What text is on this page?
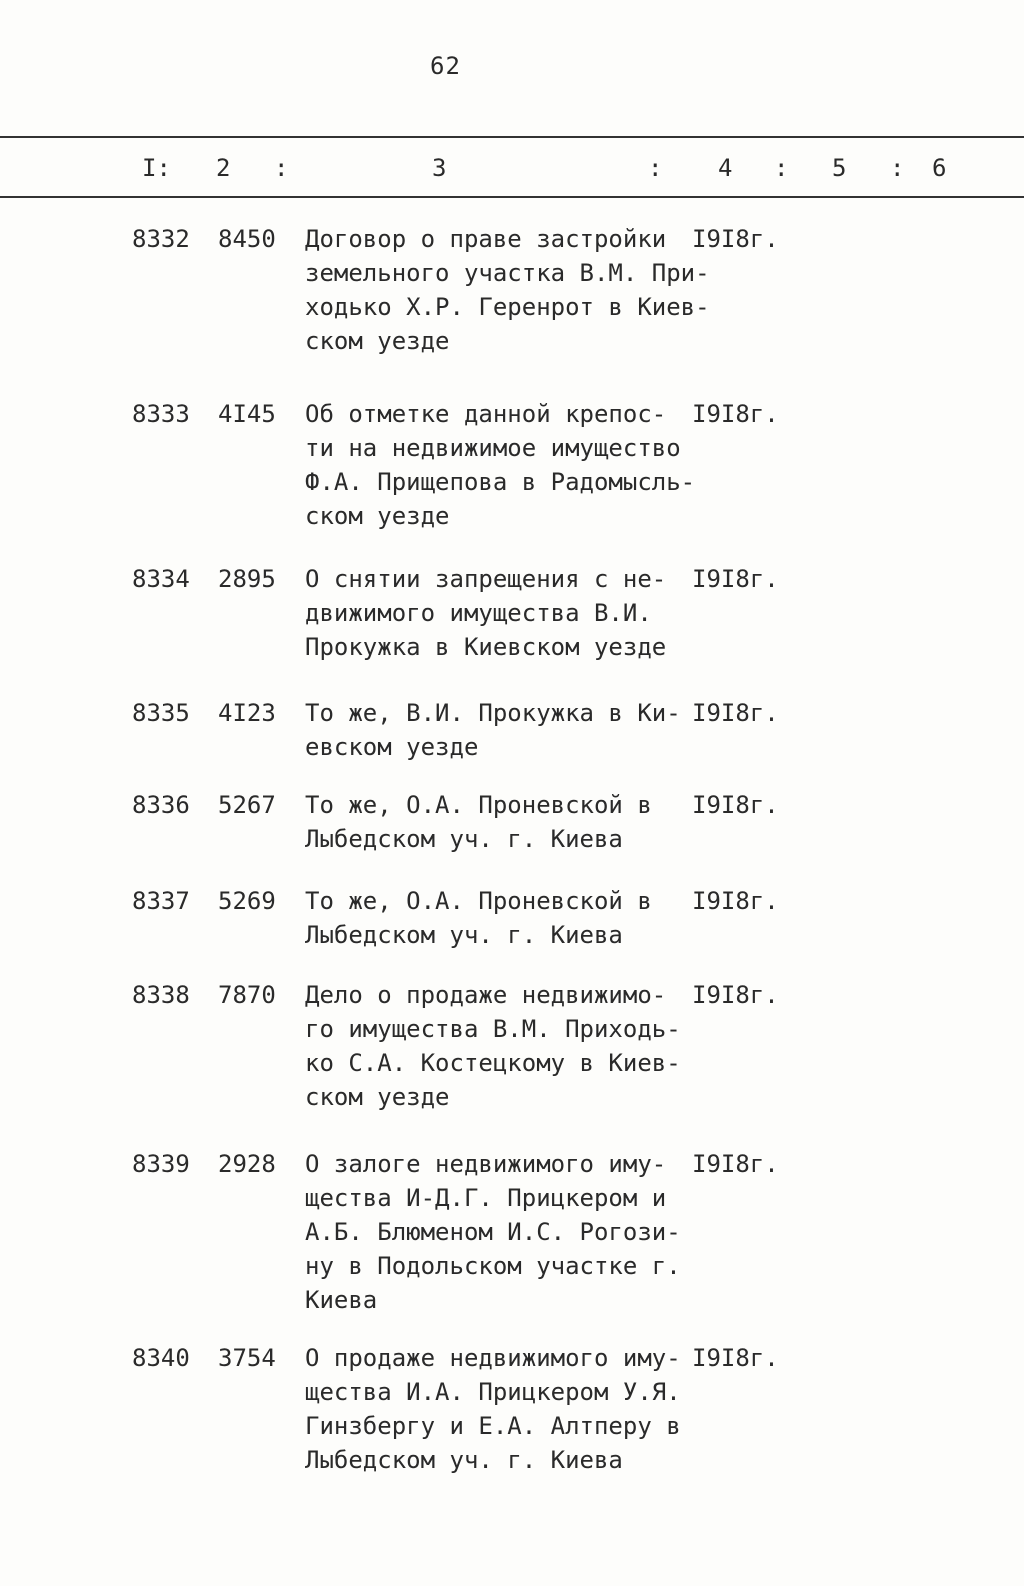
62
I: 2 :	3	: 4 : 5 : 6
8332 8450 Договор о праве застройки
земельного участка В.М. При-
ходько Х.Р. Геренрот в Киев-
ском уезде
I9I8г.
8333 4I45 Об отметке данной крепос-
ти на недвижимое имущество
Ф.А. Прищепова в Радомысль-
ском уезде
I9I8г.
8334 2895 О снятии запрещения с не-
движимого имущества В.И.
Прокужка в Киевском уезде
I9I8г.
8335 4I23 То же, В.И. Прокужка в Ки-
евском уезде
I9I8г.
8336 5267 То же, О.А. Проневской в
Лыбедском уч. г. Киева
I9I8г.
8337 5269 То же, О.А. Проневской в
Лыбедском уч. г. Киева
I9I8г.
8338 7870 Дело о продаже недвижимо-
го имущества В.М. Приходь-
ко С.А. Костецкому в Киев-
ском уезде
I9I8г.
8339 2928 О залоге недвижимого иму-
щества И-Д.Г. Прицкером и
А.Б. Блюменом И.С. Рогози-
ну в Подольском участке г.
Киева
I9I8г.
8340 3754 О продаже недвижимого иму-
щества И.А. Прицкером У.Я.
Гинзбергу и Е.А. Алтперу в
Лыбедском уч. г. Киева
I9I8г.
